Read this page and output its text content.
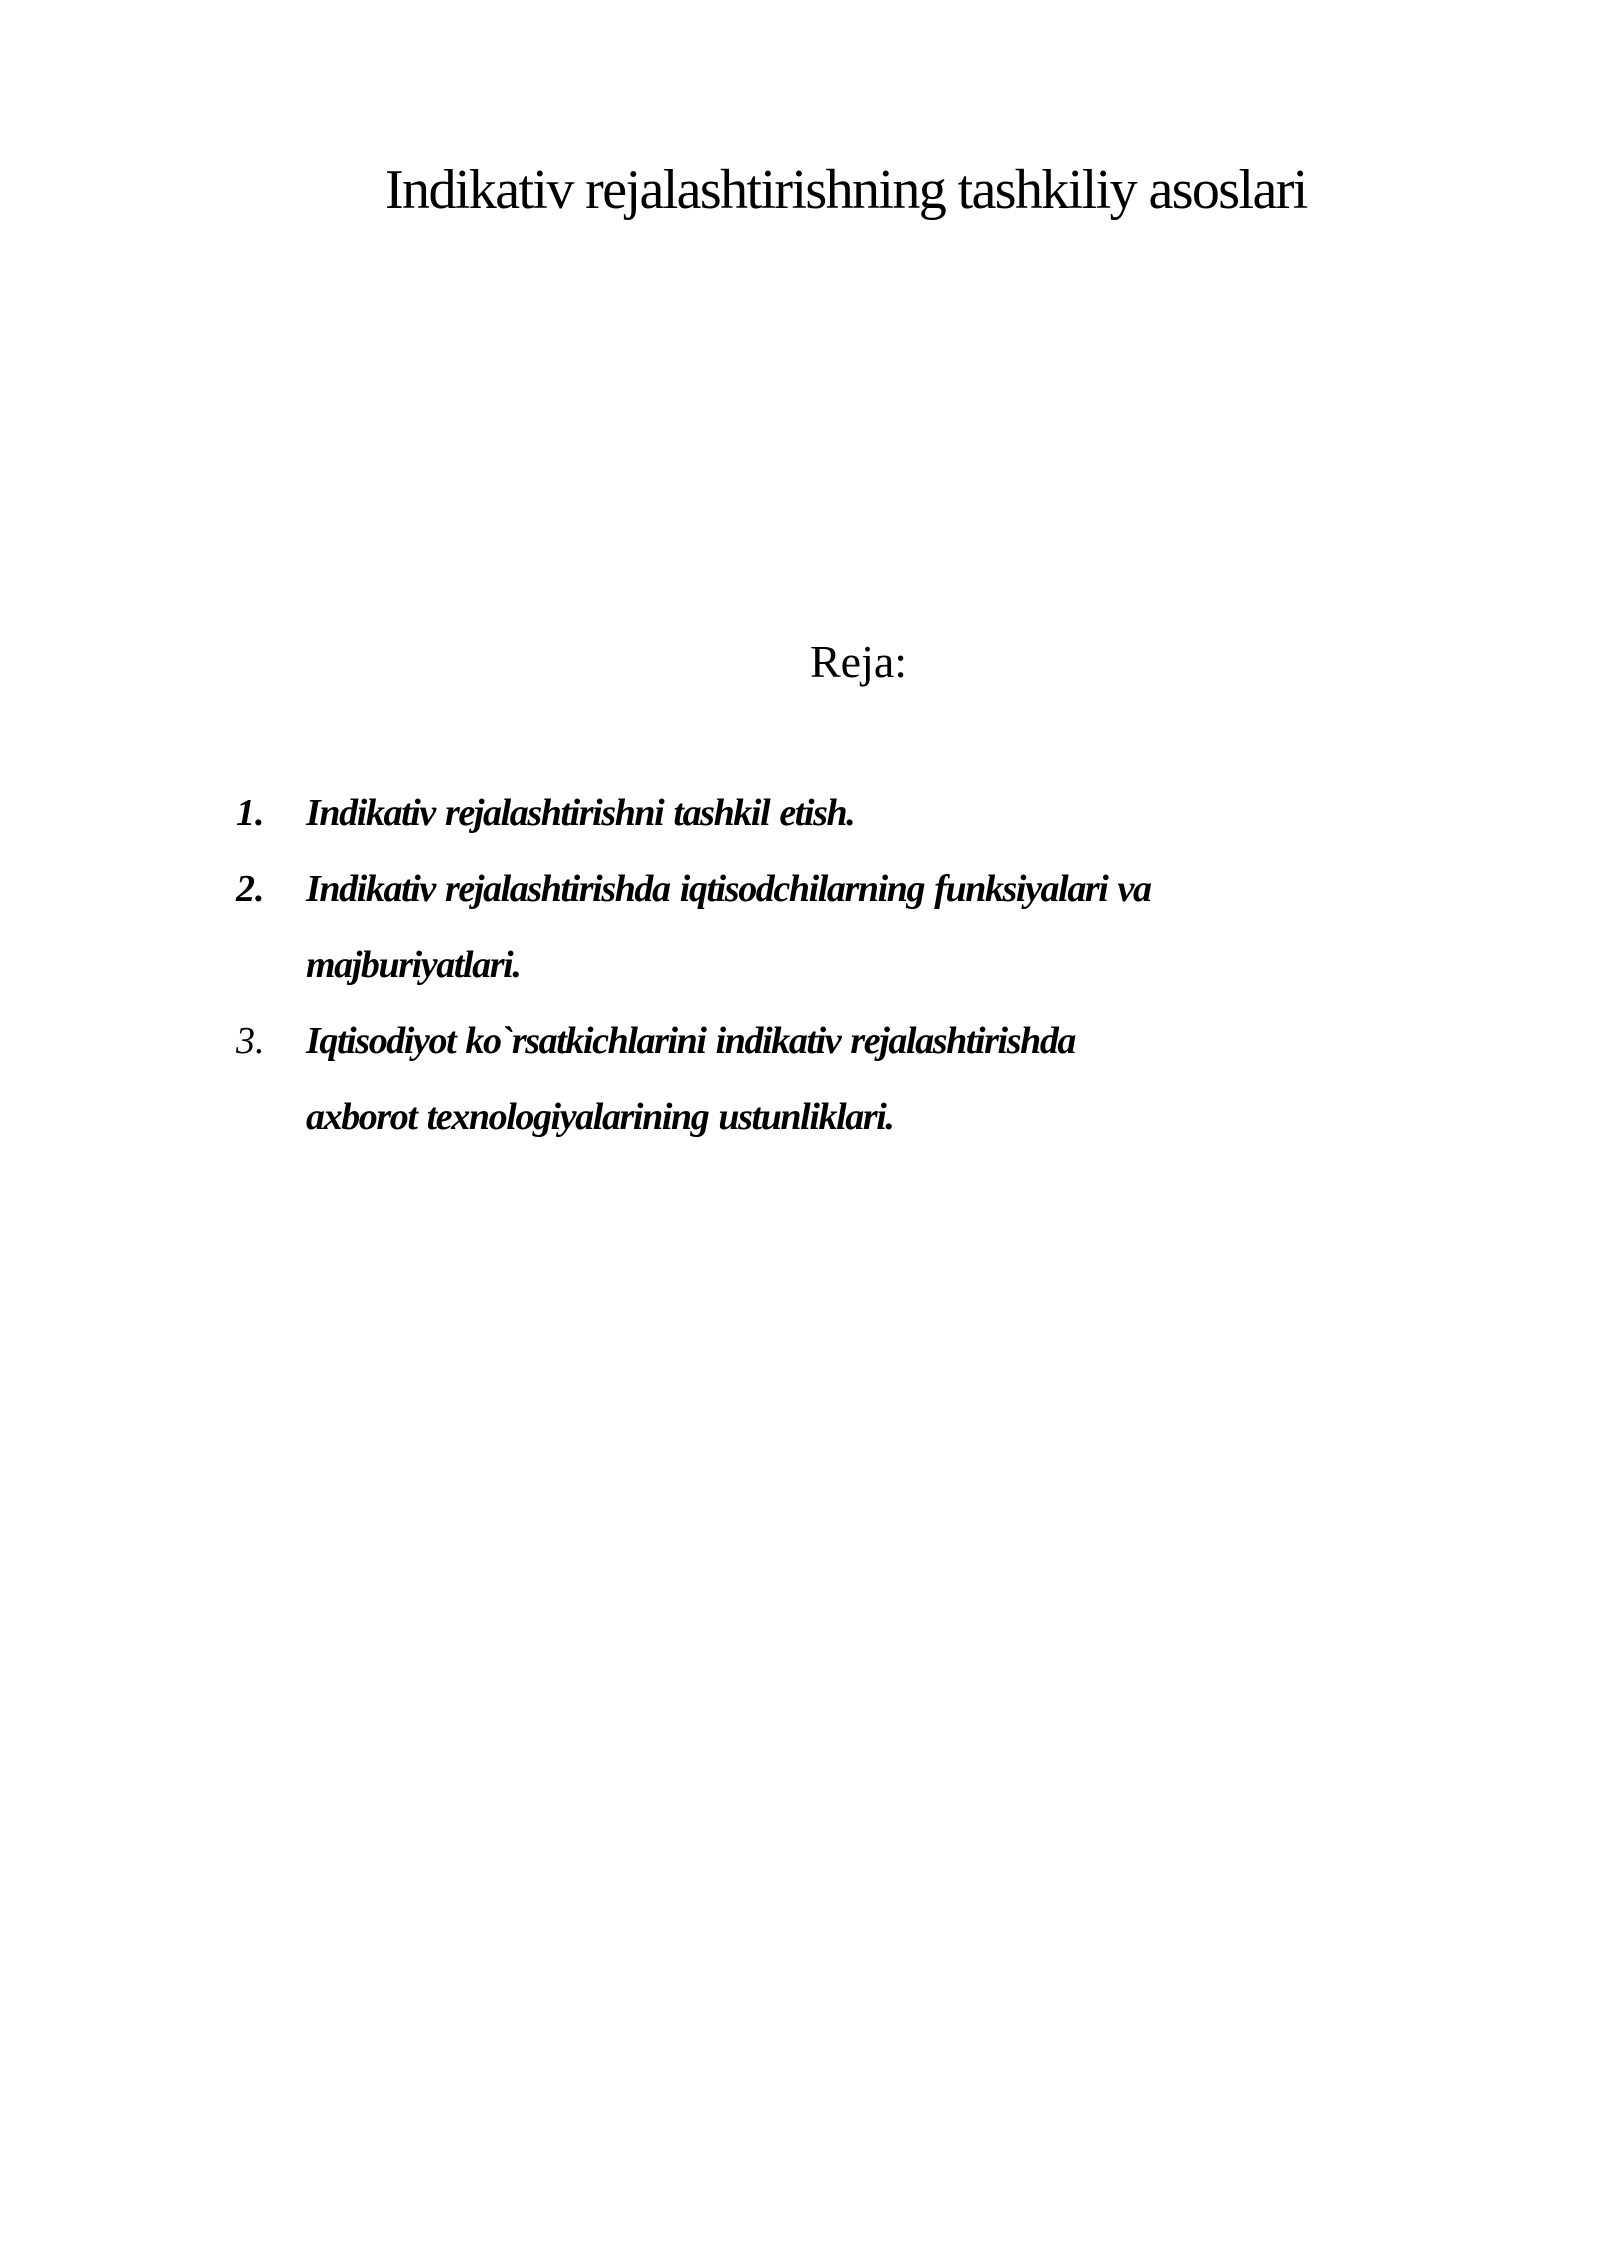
Indikativ rejalashtirishning tashkiliy asoslari
Reja:
1. Indikativ rejalashtirishni tashkil etish.
2. Indikativ rejalashtirishda iqtisodchilarning funksiyalari va majburiyatlari.
3. Iqtisodiyot ko`rsatkichlarini indikativ rejalashtirishda axborot texnologiyalarining ustunliklari.
